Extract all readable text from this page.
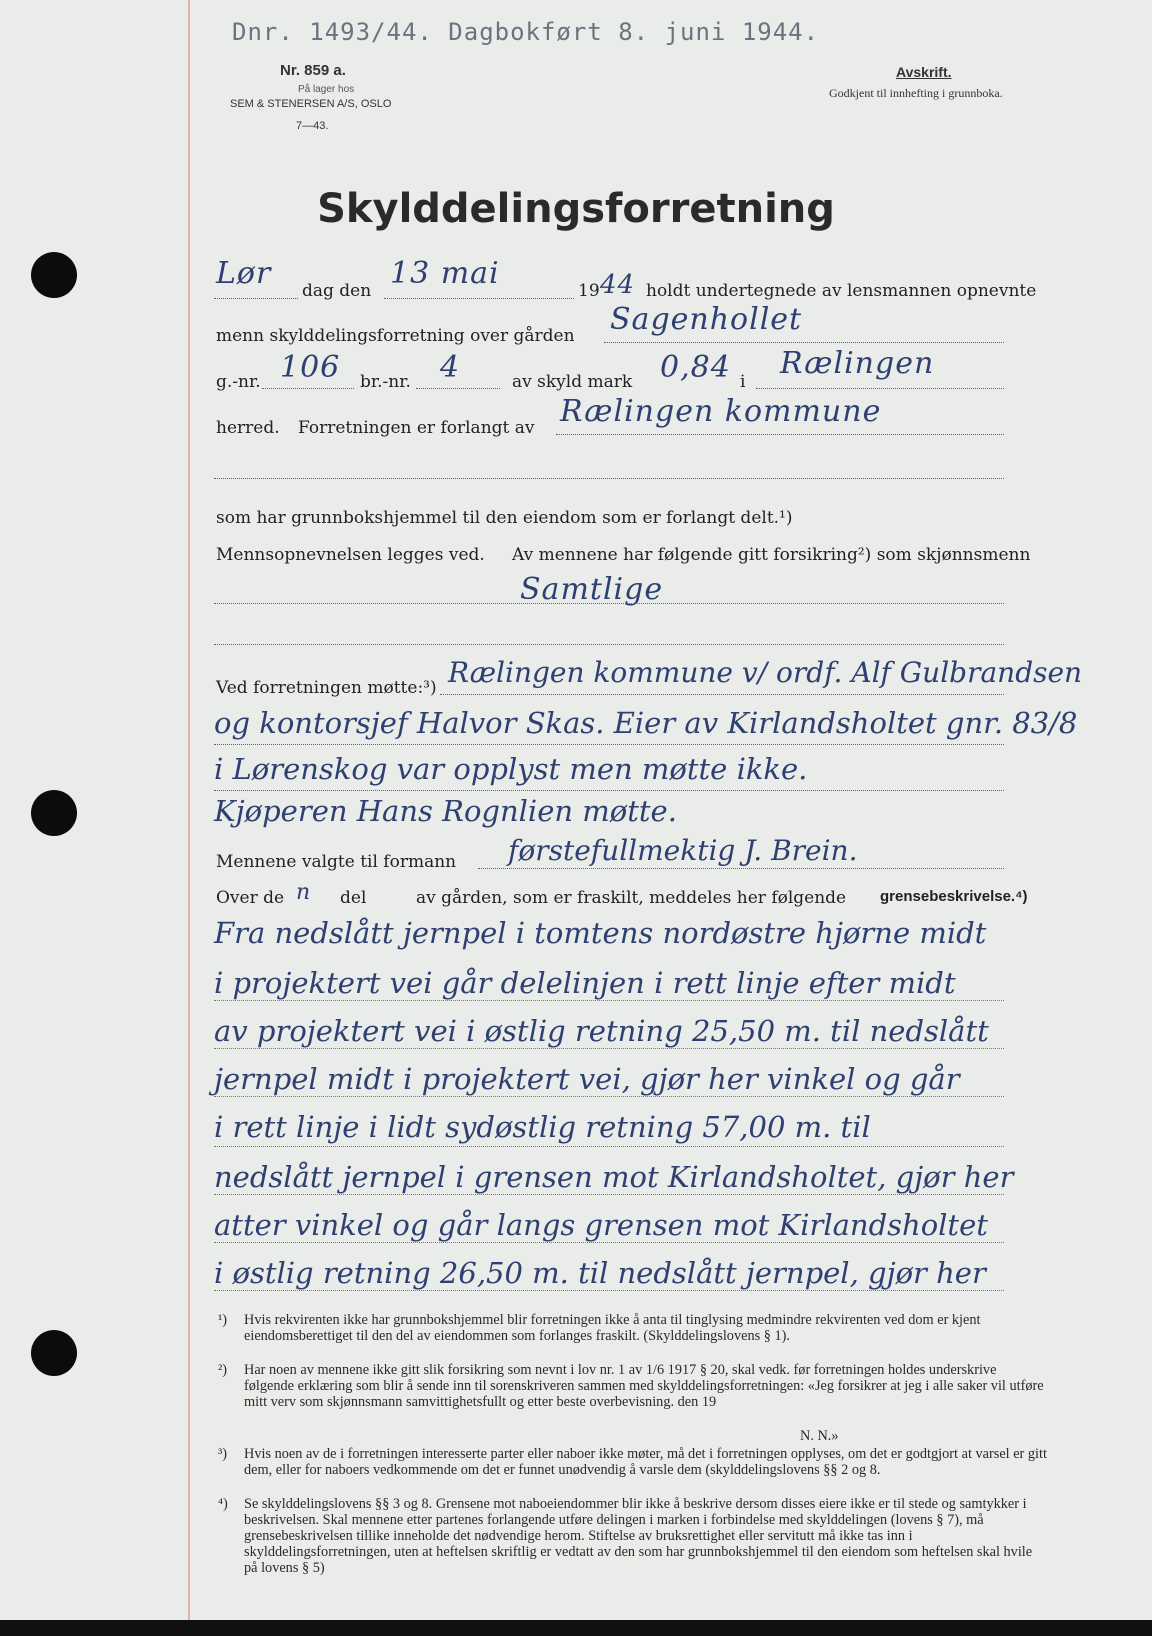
Dnr. 1493/44. Dagbokført 8. juni 1944.
Nr. 859 a.
På lager hos
SEM & STENERSEN A/S, OSLO
7—43.
Avskrift.
Godkjent til innhefting i grunnboka.
Skylddelingsforretning
Lør dag den 13 mai	19 44 holdt undertegnede av lensmannen opnevnte
menn skylddelingsforretning over gården Sagenhollet
g.-nr. 106 br.-nr. 4	av skyld mark 0,84 i
Rælingen
herred. Forretningen er forlangt av Rælingen kommune
som har grunnbokshjemmel til den eiendom som er forlangt delt.¹)
Mennsopnevnelsen legges ved. Av mennene har følgende gitt forsikring²) som skjønnsmenn
Samtlige
Ved forretningen møtte:³) Rælingen kommune v/ ordf. Alf Gulbrandsen
og kontorsjef Halvor Skas. Eier av Kirlandsholtet gnr. 83/8
i Lørenskog var opplyst men møtte ikke.
Kjøperen Hans Rognlien møtte.
Mennene valgte til formann førstefullmektig J. Brein.
Over de n del	av gården, som er fraskilt, meddeles her følgende grensebeskrivelse.⁴)
Fra nedslått jernpel i tomtens nordøstre hjørne midt
i projektert vei går delelinjen i rett linje efter midt
av projektert vei i østlig retning 25,50 m. til nedslått
jernpel midt i projektert vei, gjør her vinkel og går
i rett linje i lidt sydøstlig retning 57,00 m. til
nedslått jernpel i grensen mot Kirlandsholtet, gjør her
atter vinkel og går langs grensen mot Kirlandsholtet
i østlig retning 26,50 m. til nedslått jernpel, gjør her
¹) Hvis rekvirenten ikke har grunnbokshjemmel blir forretningen ikke å anta til tinglysing medmindre rekvirenten ved dom er kjent eiendomsberettiget til den del av eiendommen som forlanges fraskilt. (Skylddelingslovens § 1).
²) Har noen av mennene ikke gitt slik forsikring som nevnt i lov nr. 1 av 1/6 1917 § 20, skal vedk. før forretningen holdes underskrive følgende erklæring som blir å sende inn til sorenskriveren sammen med skylddelingsforretningen: «Jeg forsikrer at jeg i alle saker vil utføre mitt verv som skjønnsmann samvittighetsfullt og etter beste overbevisning. den 19
N. N.»
³) Hvis noen av de i forretningen interesserte parter eller naboer ikke møter, må det i forretningen opplyses, om det er godtgjort at varsel er gitt dem, eller for naboers vedkommende om det er funnet unødvendig å varsle dem (skylddelingslovens §§ 2 og 8.
⁴) Se skylddelingslovens §§ 3 og 8. Grensene mot naboeiendommer blir ikke å beskrive dersom disses eiere ikke er til stede og samtykker i beskrivelsen. Skal mennene etter partenes forlangende utføre delingen i marken i forbindelse med skylddelingen (lovens § 7), må grensebeskrivelsen tillike inneholde det nødvendige herom. Stiftelse av bruksrettighet eller servitutt må ikke tas inn i skylddelingsforretningen, uten at heftelsen skriftlig er vedtatt av den som har grunnbokshjemmel til den eiendom som heftelsen skal hvile på lovens § 5)
